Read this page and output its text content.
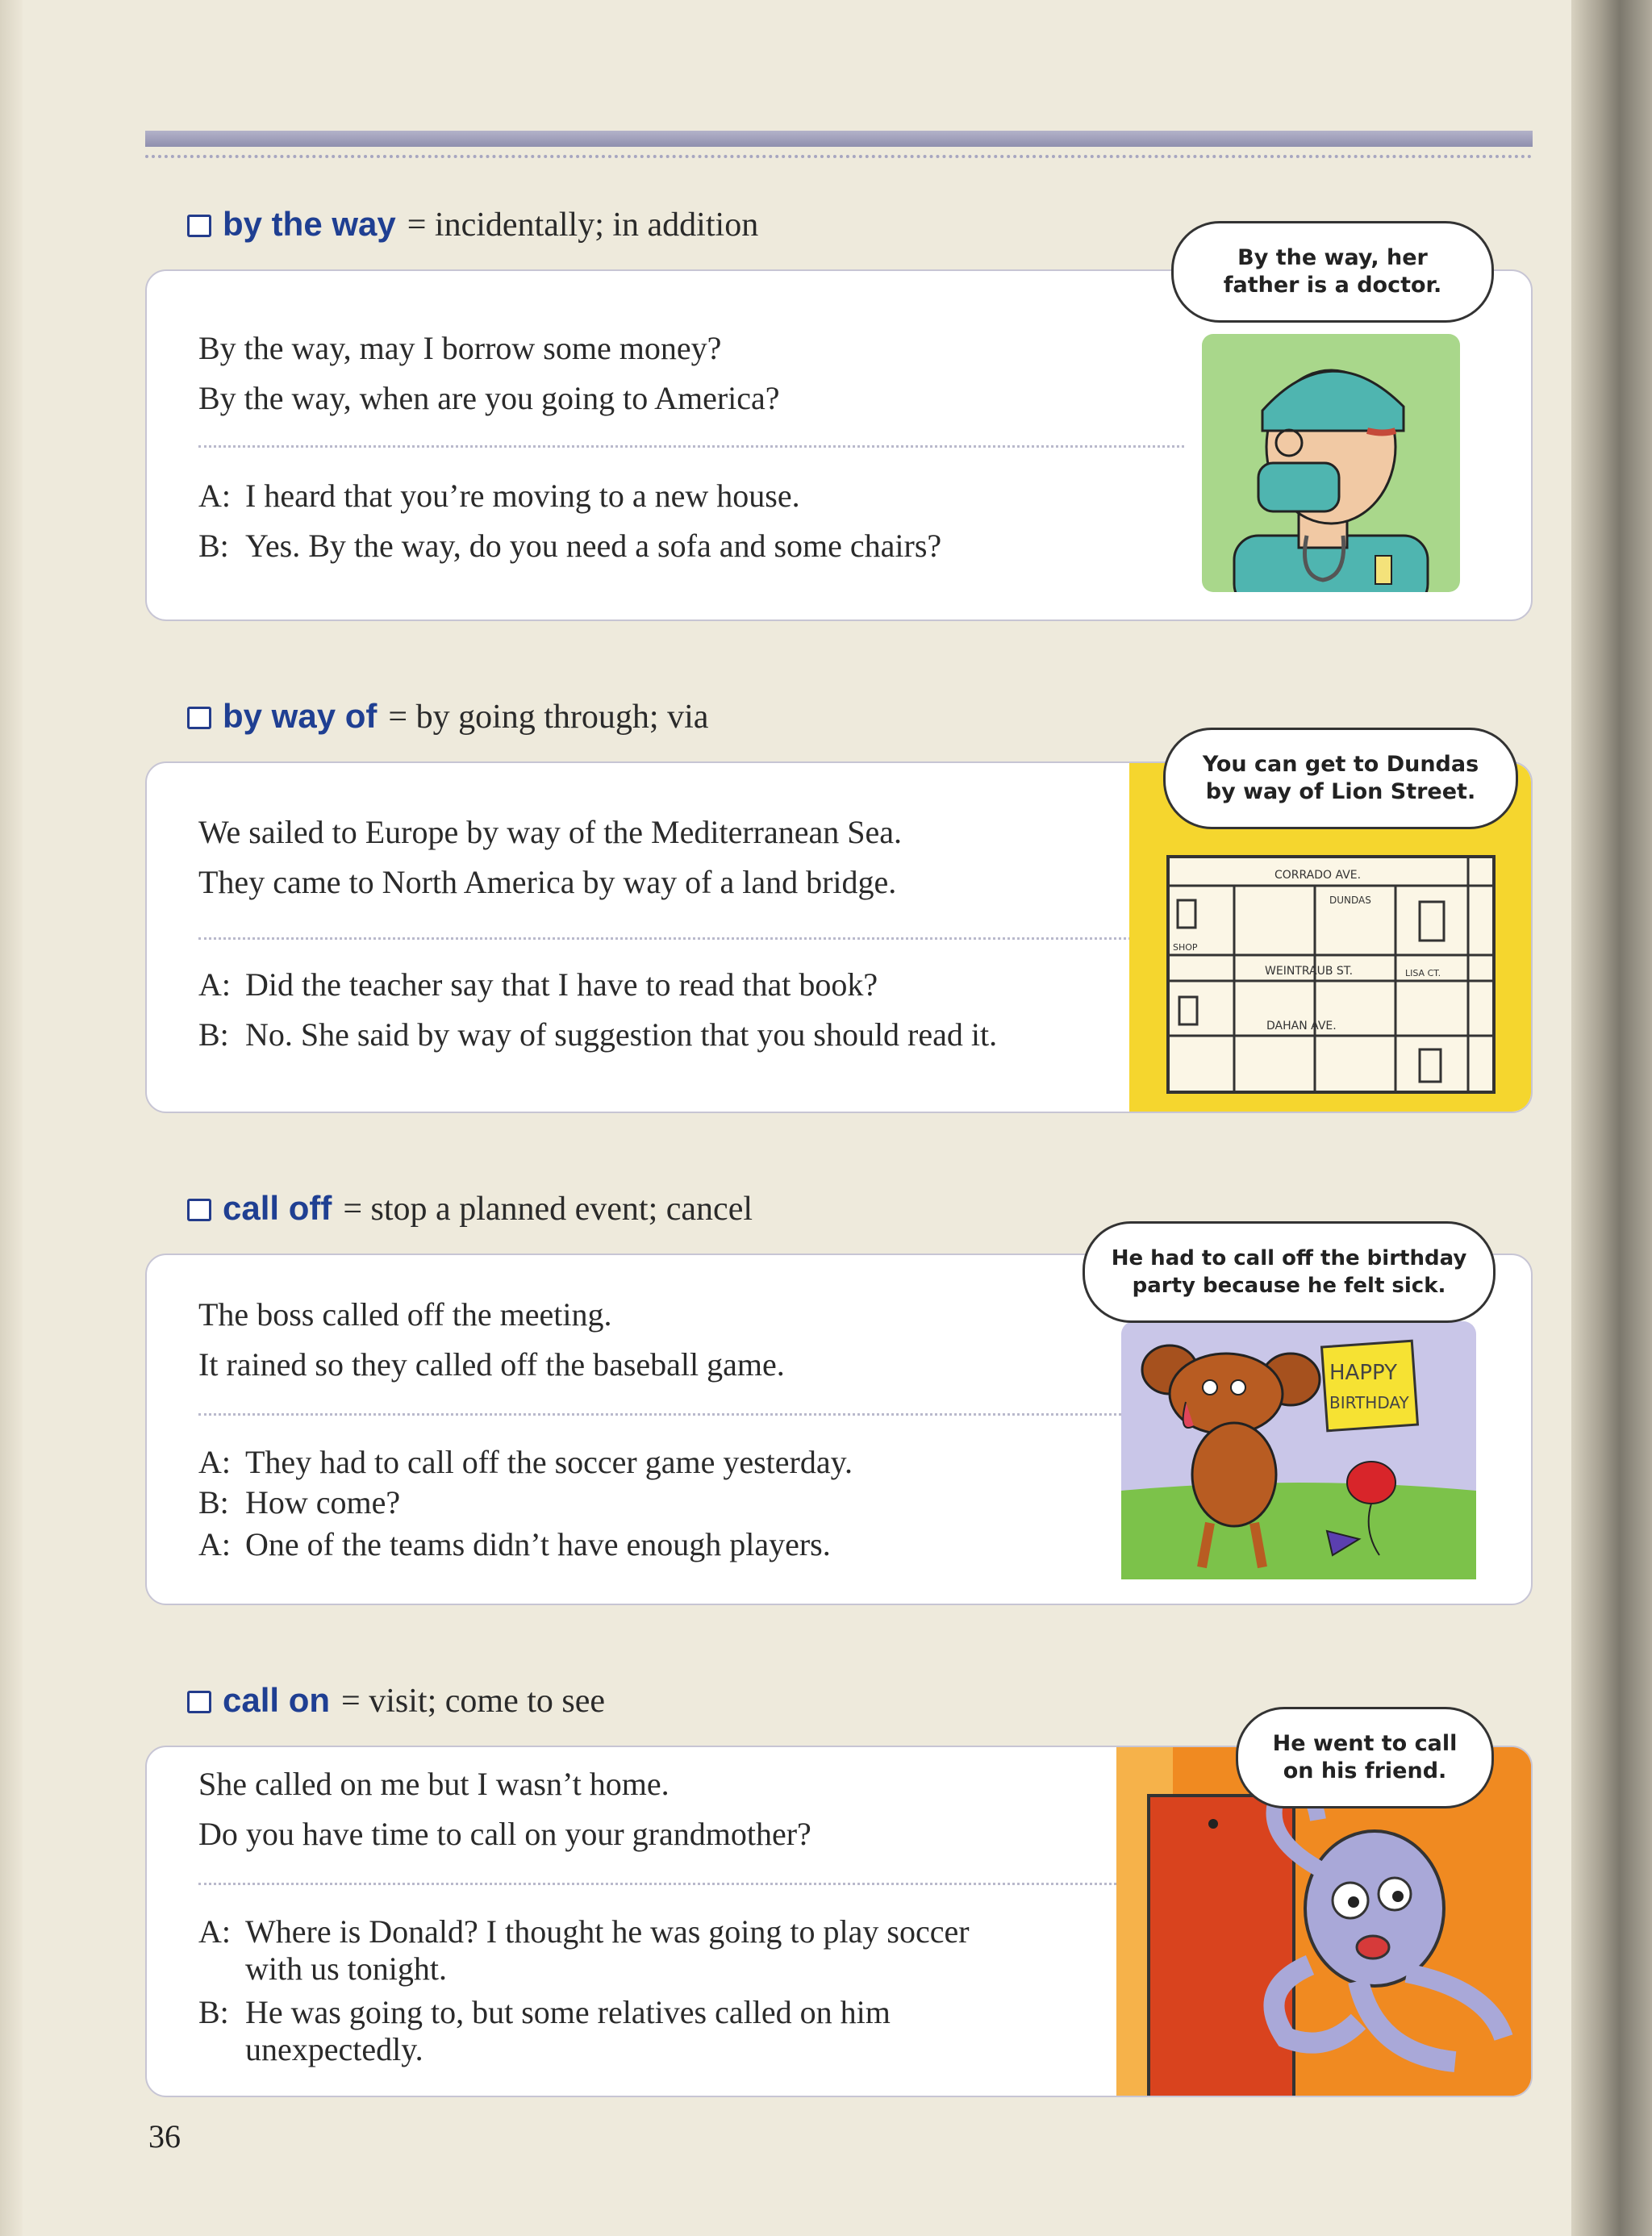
by the way = incidentally; in addition
By the way, may I borrow some money?
By the way, when are you going to America?
A: I heard that you’re moving to a new house.
B: Yes. By the way, do you need a sofa and some chairs?
By the way, her
father is a doctor.
by way of = by going through; via
We sailed to Europe by way of the Mediterranean Sea.
They came to North America by way of a land bridge.
A: Did the teacher say that I have to read that book?
B: No. She said by way of suggestion that you should read it.
CORRADO AVE.
WEINTRAUB ST.
DAHAN AVE.
DUNDAS
LISA CT.
SHOP
You can get to Dundas
by way of Lion Street.
call off = stop a planned event; cancel
The boss called off the meeting.
It rained so they called off the baseball game.
A: They had to call off the soccer game yesterday.
B: How come?
A: One of the teams didn’t have enough players.
HAPPY
BIRTHDAY
He had to call off the birthday
party because he felt sick.
call on = visit; come to see
She called on me but I wasn’t home.
Do you have time to call on your grandmother?
A: Where is Donald? I thought he was going to play soccer
with us tonight.
B: He was going to, but some relatives called on him
unexpectedly.
He went to call
on his friend.
36
